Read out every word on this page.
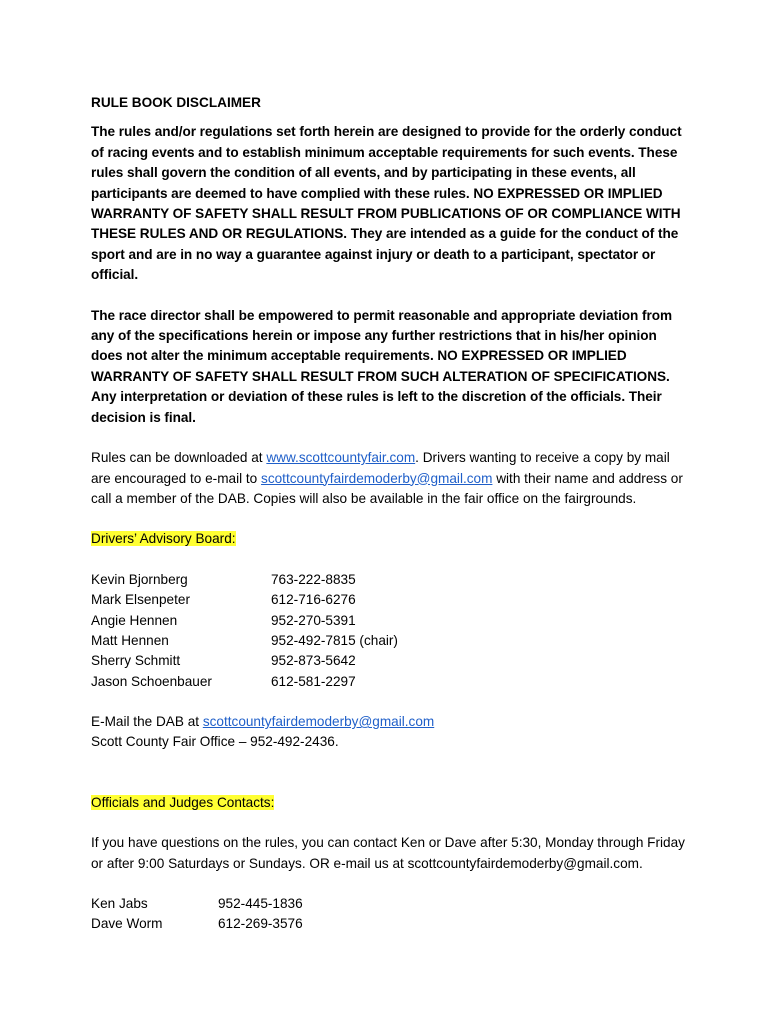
RULE BOOK DISCLAIMER

The rules and/or regulations set forth herein are designed to provide for the orderly conduct of racing events and to establish minimum acceptable requirements for such events. These rules shall govern the condition of all events, and by participating in these events, all participants are deemed to have complied with these rules. NO EXPRESSED OR IMPLIED WARRANTY OF SAFETY SHALL RESULT FROM PUBLICATIONS OF OR COMPLIANCE WITH THESE RULES AND OR REGULATIONS. They are intended as a guide for the conduct of the sport and are in no way a guarantee against injury or death to a participant, spectator or official.

The race director shall be empowered to permit reasonable and appropriate deviation from any of the specifications herein or impose any further restrictions that in his/her opinion does not alter the minimum acceptable requirements. NO EXPRESSED OR IMPLIED WARRANTY OF SAFETY SHALL RESULT FROM SUCH ALTERATION OF SPECIFICATIONS. Any interpretation or deviation of these rules is left to the discretion of the officials. Their decision is final.

Rules can be downloaded at www.scottcountyfair.com. Drivers wanting to receive a copy by mail are encouraged to e-mail to scottcountyfairdemoderby@gmail.com with their name and address or call a member of the DAB. Copies will also be available in the fair office on the fairgrounds.

Drivers’ Advisory Board:
Kevin Bjornberg	763-222-8835
Mark Elsenpeter	612-716-6276
Angie Hennen	952-270-5391
Matt Hennen	952-492-7815 (chair)
Sherry Schmitt	952-873-5642
Jason Schoenbauer	612-581-2297
E-Mail the DAB at scottcountyfairdemoderby@gmail.com
Scott County Fair Office – 952-492-2436.
Officials and Judges Contacts:

If you have questions on the rules, you can contact Ken or Dave after 5:30, Monday through Friday or after 9:00 Saturdays or Sundays. OR e-mail us at scottcountyfairdemoderby@gmail.com.

Ken Jabs	952-445-1836
Dave Worm	612-269-3576
